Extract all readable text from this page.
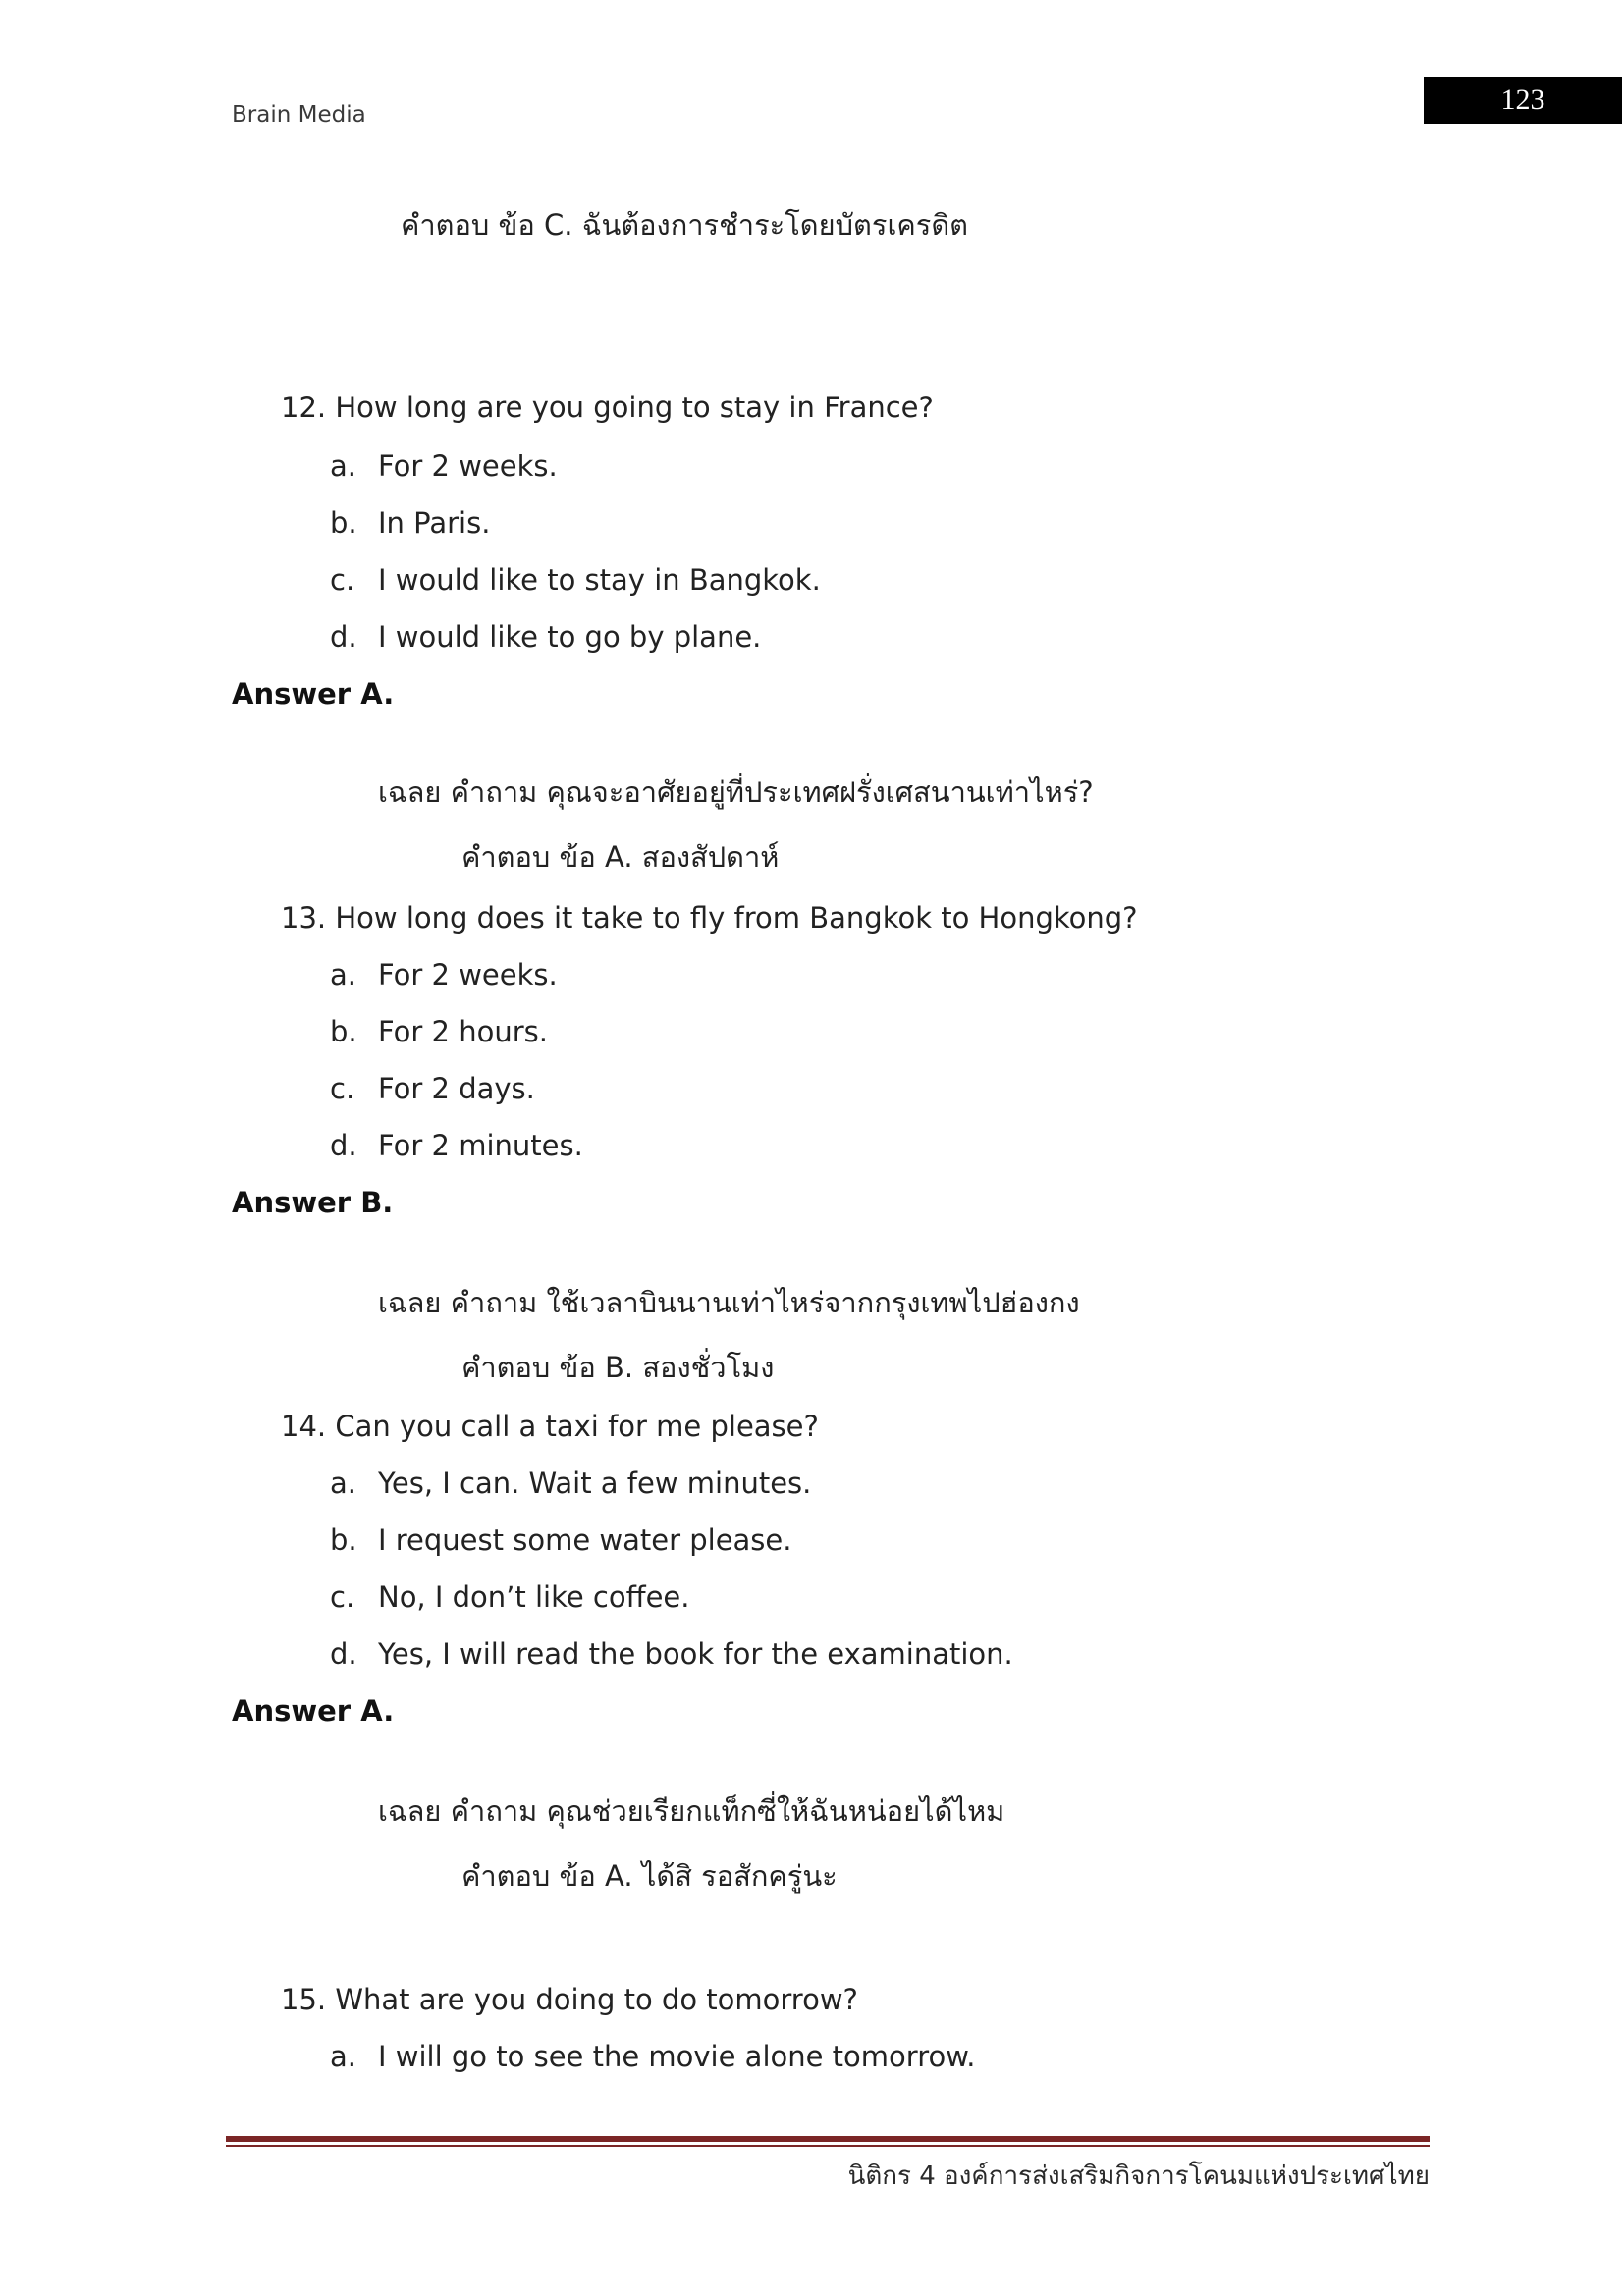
Brain Media	123
คำตอบ ข้อ C. ฉันต้องการชำระโดยบัตรเครดิต
12. How long are you going to stay in France?
a. For 2 weeks.
b. In Paris.
c. I would like to stay in Bangkok.
d. I would like to go by plane.
Answer A.
เฉลย คำถาม คุณจะอาศัยอยู่ที่ประเทศฝรั่งเศสนานเท่าไหร่?
คำตอบ ข้อ A. สองสัปดาห์
13. How long does it take to fly from Bangkok to Hongkong?
a. For 2 weeks.
b. For 2 hours.
c. For 2 days.
d. For 2 minutes.
Answer B.
เฉลย คำถาม ใช้เวลาบินนานเท่าไหร่จากกรุงเทพไปฮ่องกง
คำตอบ ข้อ B. สองชั่วโมง
14. Can you call a taxi for me please?
a. Yes, I can. Wait a few minutes.
b. I request some water please.
c. No, I don’t like coffee.
d. Yes, I will read the book for the examination.
Answer A.
เฉลย คำถาม คุณช่วยเรียกแท็กซี่ให้ฉันหน่อยได้ไหม
คำตอบ ข้อ A. ได้สิ รอสักครู่นะ
15. What are you doing to do tomorrow?
a. I will go to see the movie alone tomorrow.
นิติกร 4 องค์การส่งเสริมกิจการโคนมแห่งประเทศไทย
